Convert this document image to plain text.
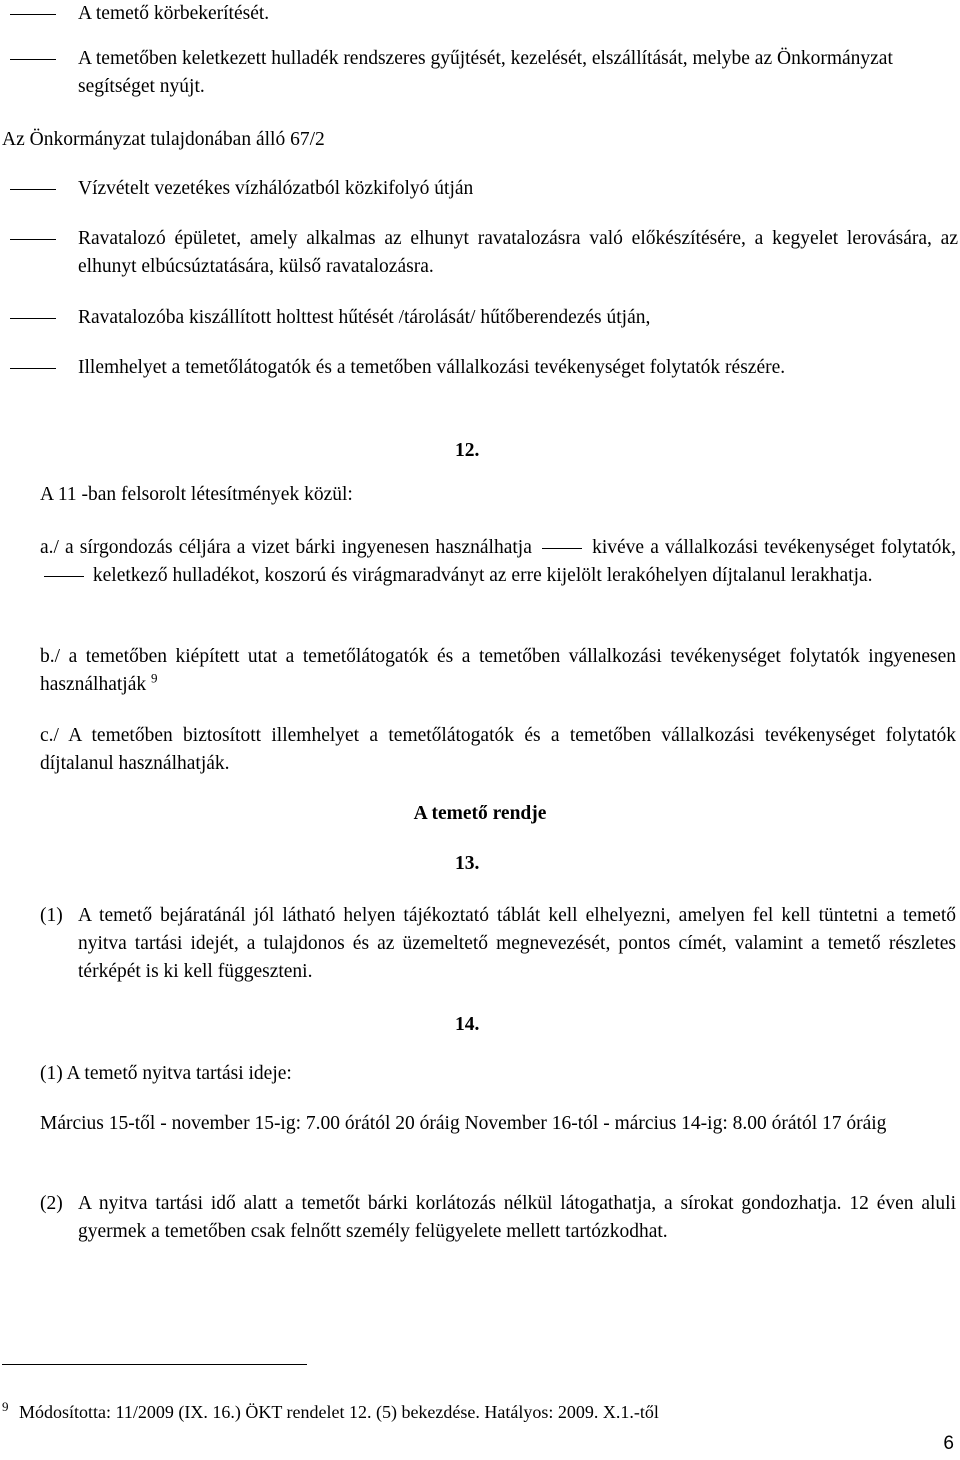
A temető körbekerítését.
A temetőben keletkezett hulladék rendszeres gyűjtését, kezelését, elszállítását, melybe az Önkormányzat segítséget nyújt.
Az Önkormányzat tulajdonában álló 67/2
Vízvételt vezetékes vízhálózatból közkifolyó útján
Ravatalozó épületet, amely alkalmas az elhunyt ravatalozásra való előkészítésére, a kegyelet lerovására, az elhunyt elbúcsúztatására, külső ravatalozásra.
Ravatalozóba kiszállított holttest hűtését /tárolását/ hűtőberendezés útján,
Illemhelyet a temetőlátogatók és a temetőben vállalkozási tevékenységet folytatók részére.
12.
A 11 -ban felsorolt létesítmények közül:
a./ a sírgondozás céljára a vizet bárki ingyenesen használhatja	kivéve a vállalkozási tevékenységet folytatók,  keletkező hulladékot, koszorú és virágmaradványt az erre kijelölt lerakóhelyen díjtalanul lerakhatja.
b./ a temetőben kiépített utat a temetőlátogatók és a temetőben vállalkozási tevékenységet folytatók ingyenesen használhatják $^9$
c./ A temetőben biztosított illemhelyet a temetőlátogatók és a temetőben vállalkozási tevékenységet folytatók díjtalanul használhatják.
A temető rendje
13.
(1) A temető bejáratánál jól látható helyen tájékoztató táblát kell elhelyezni, amelyen fel kell tüntetni a temető nyitva tartási idejét, a tulajdonos és az üzemeltető megnevezését, pontos címét, valamint a temető részletes térképét is ki kell függeszteni.
14.
(1) A temető nyitva tartási ideje:
Március 15-től - november 15-ig: 7.00 órától 20 óráig November 16-tól - március 14-ig: 8.00 órától 17 óráig
(2) A nyitva tartási idő alatt a temetőt bárki korlátozás nélkül látogathatja, a sírokat gondozhatja. 12 éven aluli gyermek a temetőben csak felnőtt személy felügyelete mellett tartózkodhat.
$^9$ Módosította: 11/2009 (IX. 16.) ÖKT rendelet 12. (5) bekezdése. Hatályos: 2009. X.1.-től
6
